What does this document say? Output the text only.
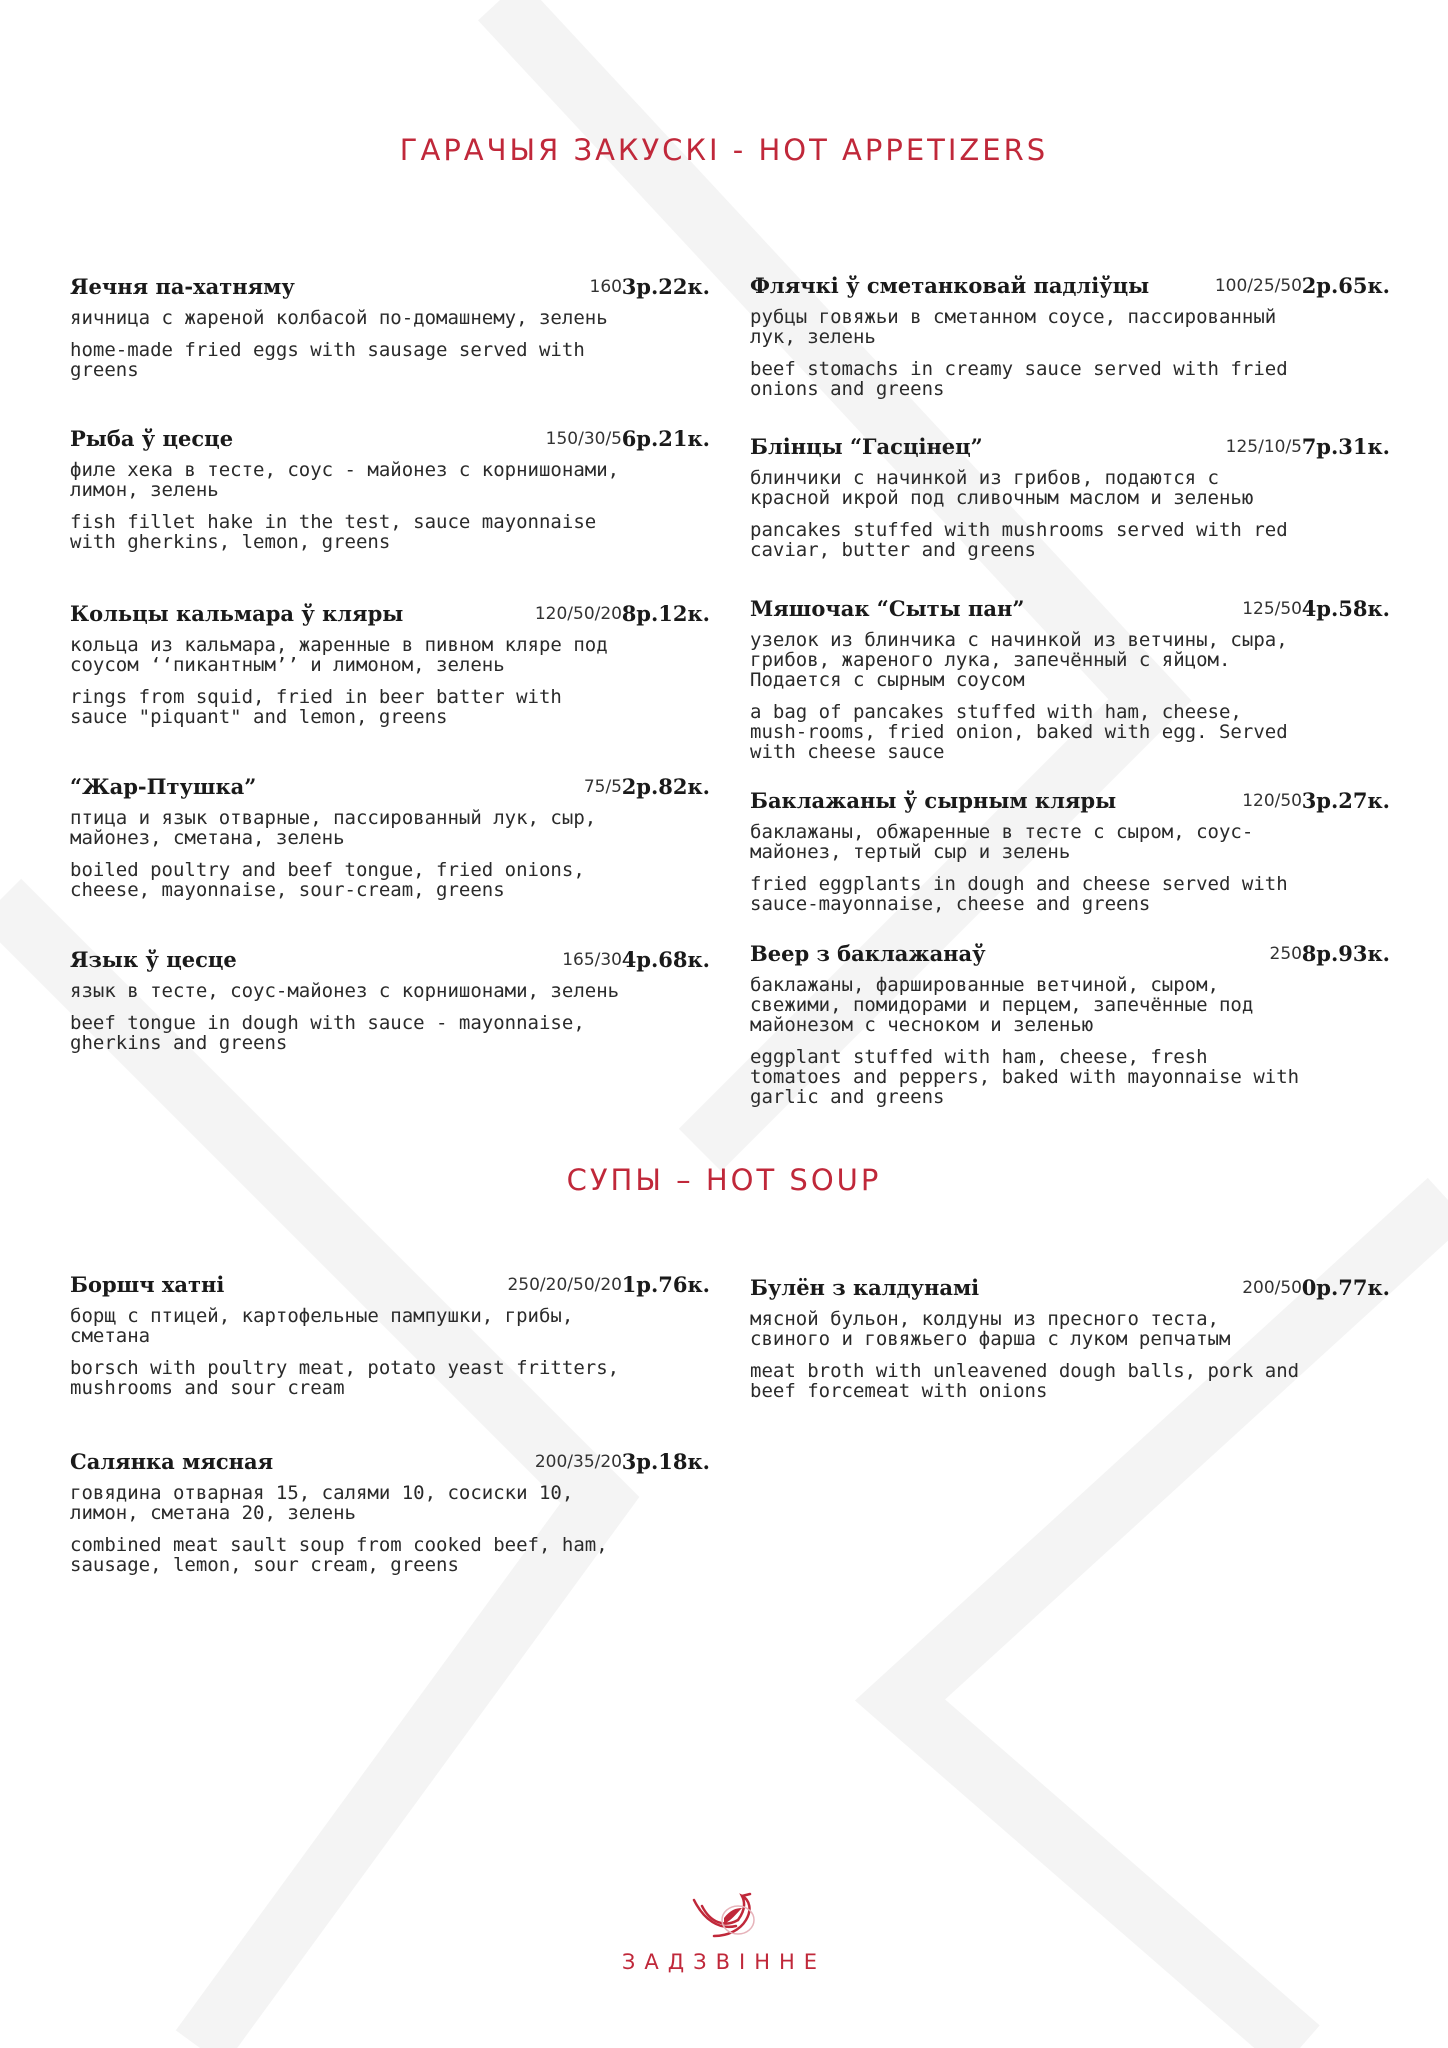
ГАРАЧЫЯ ЗАКУСКІ - HOT APPETIZERS
Яечня па-хатняму	160 3р.22к.
яичница с жареной колбасой по-домашнему, зелень
home-made fried eggs with sausage served with greens
Рыба ў цесце	150/30/5 6р.21к.
филе хека в тесте, соус - майонез с корнишонами, лимон, зелень
fish fillet hake in the test, sauce mayonnaise with gherkins, lemon, greens
Кольцы кальмара ў кляры	120/50/20 8р.12к.
кольца из кальмара, жаренные в пивном кляре под соусом ‘‘пикантным’’ и лимоном, зелень
rings from squid, fried in beer batter with sauce "piquant" and lemon, greens
“Жар-Птушка”	75/5 2р.82к.
птица и язык отварные, пассированный лук, сыр, майонез, сметана, зелень
boiled poultry and beef tongue, fried onions, cheese, mayonnaise, sour-cream, greens
Язык ў цесце	165/30 4р.68к.
язык в тесте, соус-майонез с корнишонами, зелень
beef tongue in dough with sauce - mayonnaise, gherkins and greens
Флячкі ў сметанковай падліўцы	100/25/50 2р.65к.
рубцы говяжьи в сметанном соусе, пассированный лук, зелень
beef stomachs in creamy sauce served with fried onions and greens
Блінцы “Гасцінец”	125/10/5 7р.31к.
блинчики с начинкой из грибов, подаются с красной икрой под сливочным маслом и зеленью
pancakes stuffed with mushrooms served with red caviar, butter and greens
Мяшочак “Сыты пан”	125/50 4р.58к.
узелок из блинчика с начинкой из ветчины, сыра, грибов, жареного лука, запечённый с яйцом. Подается с сырным соусом
a bag of pancakes stuffed with ham, cheese, mush-rooms, fried onion, baked with egg. Served with cheese sauce
Баклажаны ў сырным кляры	120/50 3р.27к.
баклажаны, обжаренные в тесте с сыром, соус-майонез, тертый сыр и зелень
fried eggplants in dough and cheese served with sauce-mayonnaise, cheese and greens
Веер з баклажанаў	250 8р.93к.
баклажаны, фаршированные ветчиной, сыром, свежими, помидорами и перцем, запечённые под майонезом с чесноком и зеленью
eggplant stuffed with ham, cheese, fresh tomatoes and peppers, baked with mayonnaise with garlic and greens
СУПЫ – HOT SOUP
Боршч хатні	250/20/50/20 1р.76к.
борщ с птицей, картофельные пампушки, грибы, сметана
borsch with poultry meat, potato yeast fritters, mushrooms and sour cream
Салянка мясная	200/35/20 3р.18к.
говядина отварная 15, салями 10, сосиски 10, лимон, сметана 20, зелень
combined meat sault soup from cooked beef, ham, sausage, lemon, sour cream, greens
Булён з калдунамі	200/50 0р.77к.
мясной бульон, колдуны из пресного теста, свиного и говяжьего фарша с луком репчатым
meat broth with unleavened dough balls, pork and beef forcemeat with onions
ЗАДЗВІННЕ
